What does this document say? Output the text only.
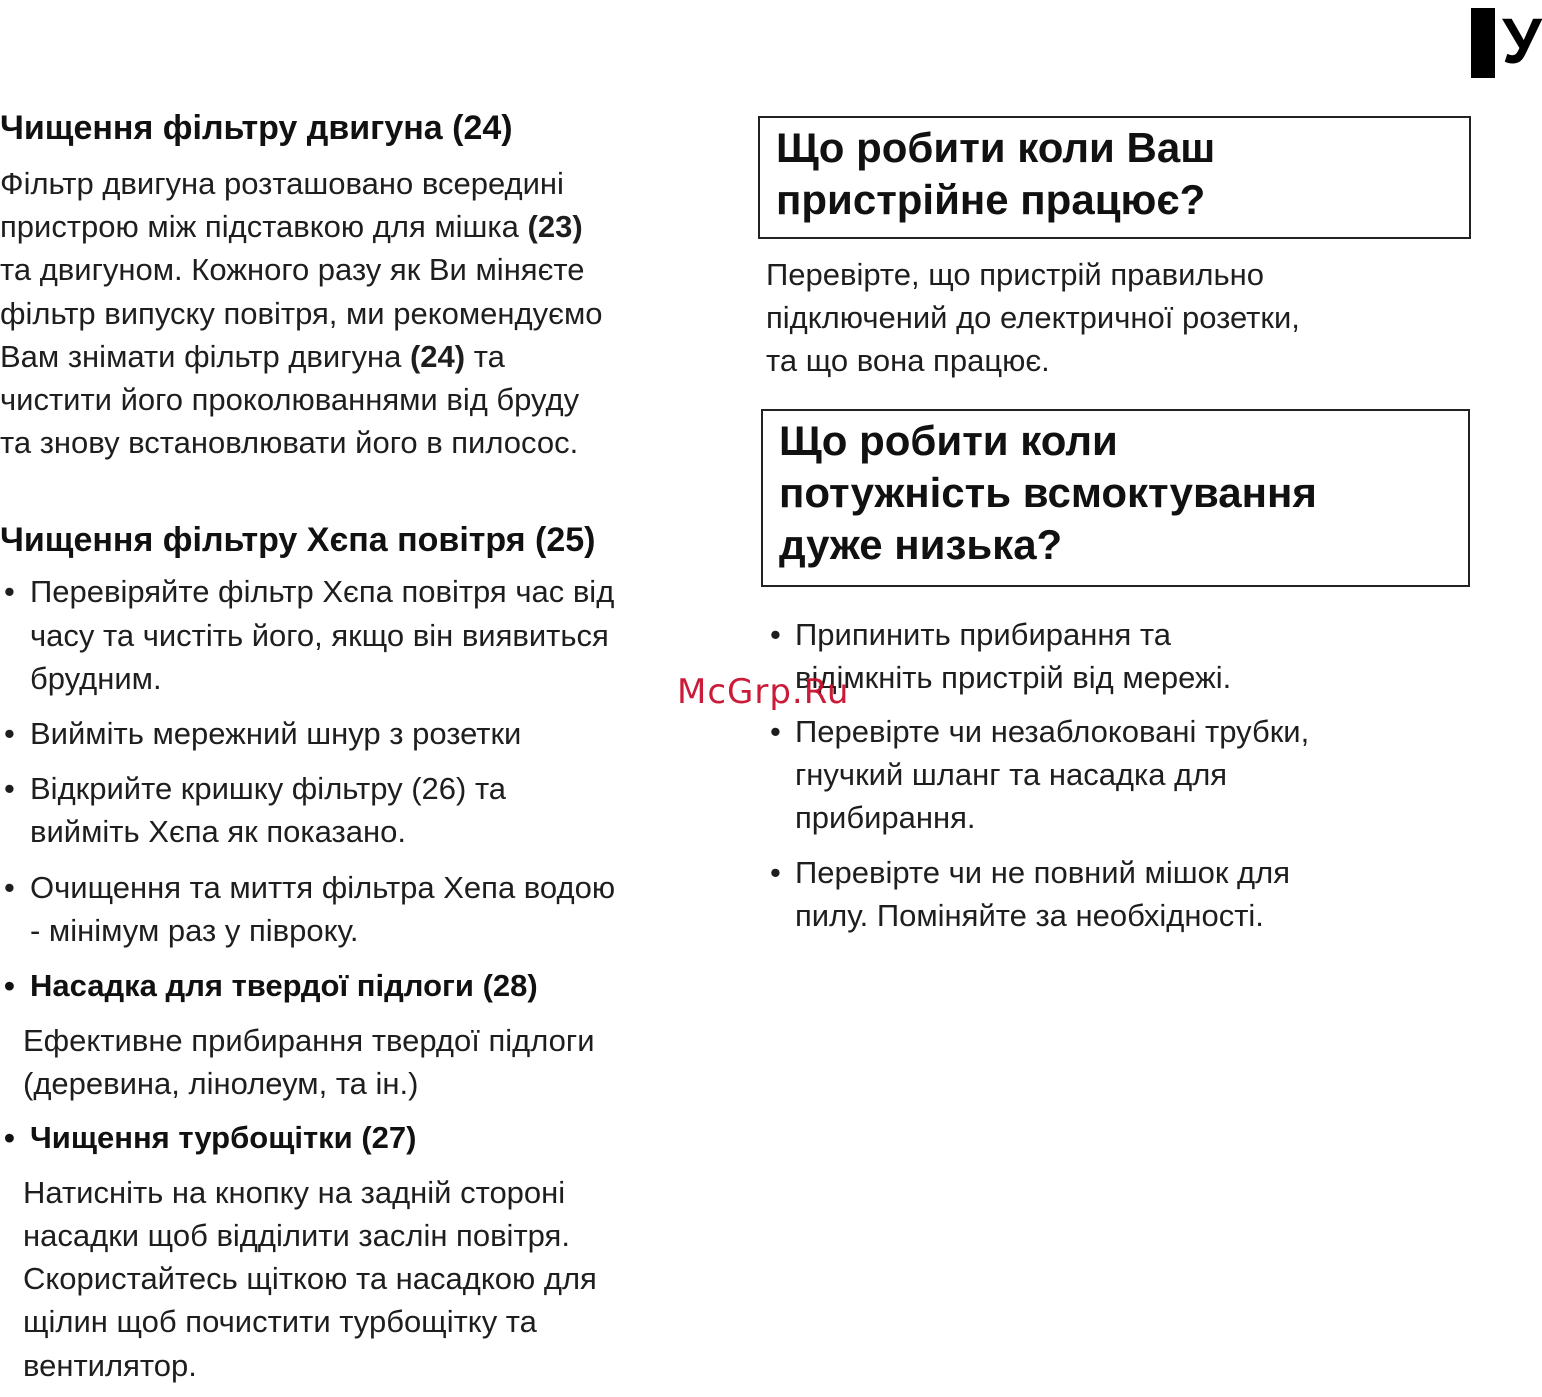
У
Чищення фільтру двигуна (24)

Фільтр двигуна розташовано всередині
пристрою між підставкою для мішка (23)
та двигуном. Кожного разу як Ви міняєте
фільтр випуску повітря, ми рекомендуємо
Вам знімати фільтр двигуна (24) та
чистити його проколюваннями від бруду
та знову встановлювати його в пилосос.

Чищення фільтру Хєпа повітря (25)
• Перевіряйте фільтр Хєпа повітря час від
часу та чистіть його, якщо він виявиться
брудним.
• Вийміть мережний шнур з розетки
• Відкрийте кришку фільтру (26) та
вийміть Хєпа як показано.
• Очищення та миття фільтра Хепа водою
- мінімум раз у півроку.
• Насадка для твердої підлоги (28)
Ефективне прибирання твердої підлоги
(деревина, лінолеум, та ін.)
• Чищення турбощітки (27)
Натисніть на кнопку на задній стороні
насадки щоб відділити заслін повітря.
Скористайтесь щіткою та насадкою для
щілин щоб почистити турбощітку та
вентилятор.
Що робити коли Ваш
пристрійне працює?

Перевірте, що пристрій правильно
підключений до електричної розетки,
та що вона працює.

Що робити коли
потужність всмоктування
дуже низька?
• Припинить прибирання та
відімкніть пристрій від мережі.
• Перевірте чи незаблоковані трубки,
гнучкий шланг та насадка для
прибирання.
• Перевірте чи не повний мішок для
пилу. Поміняйте за необхідності.
McGrp.Ru
